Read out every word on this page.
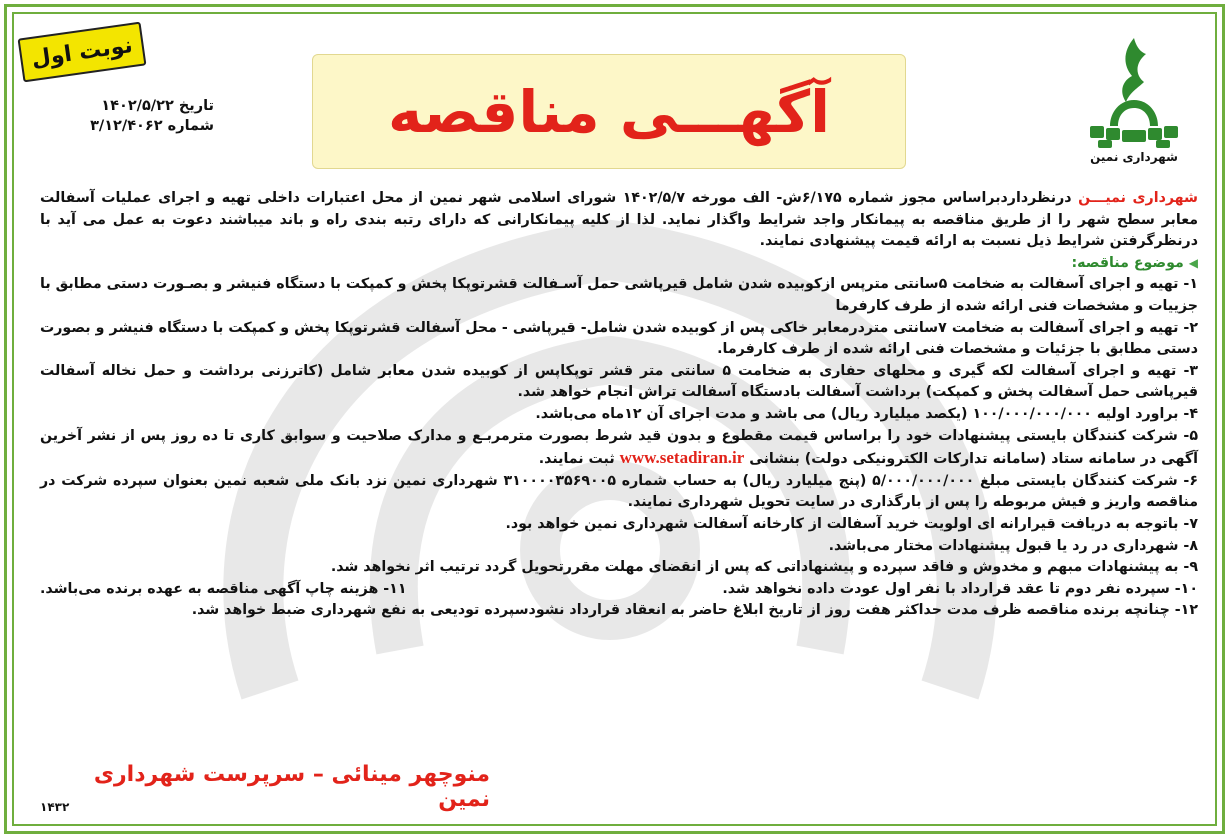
نوبت اول
تاریخ ۱۴۰۲/۵/۲۲
شماره ۳/۱۲/۴۰۶۲	آگهـــی مناقصه
شهرداری نمین

شهرداری نمیـــن درنظرداردبراساس مجوز شماره ۶/۱۷۵ش- الف مورخه ۱۴۰۲/۵/۷ شورای اسلامی شهر نمین از محل اعتبارات داخلی تهیه و اجرای عملیات آسفالت معابر سطح شهر را از طریق مناقصه به پیمانکار واجد شرایط واگذار نماید. لذا از کلیه پیمانکارانی که دارای رتبه بندی راه و باند میباشند دعوت به عمل می آید با درنظرگرفتن شرایط ذیل نسبت به ارائه قیمت پیشنهادی نمایند.

◀ موضوع مناقصه:

۱- تهیه و اجرای آسفالت به ضخامت ۵سانتی مترپس ازکوبیده شدن شامل قیرپاشی حمل آسـفالت قشرتوپکا پخش و کمپکت با دستگاه فنیشر و بصـورت دستی مطابق با جزییات و مشخصات فنی ارائه شده از طرف کارفرما

۲- تهیه و اجرای آسفالت به ضخامت ۷سانتی متردرمعابر خاکی پس از کوبیده شدن شامل- قیرپاشی - محل آسفالت قشرتوپکا پخش و کمپکت با دستگاه فنیشر و بصورت دستی مطابق با جزئیات و مشخصات فنی ارائه شده از طرف کارفرما.

۳- تهیه و اجرای آسفالت لکه گیری و محلهای حفاری به ضخامت ۵ سانتی متر قشر توپکاپس از کوبیده شدن معابر شامل (کاترزنی برداشت و حمل نخاله آسفالت قیرپاشی حمل آسفالت پخش و کمپکت) برداشت آسفالت بادستگاه آسفالت تراش انجام خواهد شد.

۴- براورد اولیه ۱۰۰/۰۰۰/۰۰۰/۰۰۰ (یکصد میلیارد ریال) می باشد و مدت اجرای آن ۱۲ماه می‌باشد.

۵- شرکت کنندگان بایستی پیشنهادات خود را براساس قیمت مقطوع و بدون قید شرط بصورت مترمربـع و مدارک صلاحیت و سوابق کاری تا ده روز پس از نشر آخرین آگهی در سامانه ستاد (سامانه تدارکات الکترونیکی دولت) بنشانی www.setadiran.ir ثبت نمایند.

۶- شرکت کنندگان بایستی مبلغ ۵/۰۰۰/۰۰۰/۰۰۰ (پنج میلیارد ریال) به حساب شماره ۳۱۰۰۰۰۳۵۶۹۰۰۵ شهرداری نمین نزد بانک ملی شعبه نمین بعنوان سپرده شرکت در مناقصه واریز و فیش مربوطه را پس از بارگذاری در سایت تحویل شهرداری نمایند.

۷- باتوجه به دریافت قیرارانه ای اولویت خرید آسفالت از کارخانه آسفالت شهرداری نمین خواهد بود.

۸- شهرداری در رد یا قبول پیشنهادات مختار می‌باشد.

۹- به پیشنهادات مبهم و مخدوش و فاقد سپرده و پیشنهاداتی که پس از انقضای مهلت مقررتحویل گردد ترتیب اثر نخواهد شد.

۱۰- سپرده نفر دوم تا عقد قرارداد با نفر اول عودت داده نخواهد شد.

۱۱- هزینه چاپ آگهی مناقصه به عهده برنده می‌باشد.

۱۲- چنانچه برنده مناقصه ظرف مدت حداکثر هفت روز از تاریخ ابلاغ حاضر به انعقاد قرارداد نشودسپرده تودیعی به نفع شهرداری ضبط خواهد شد.

منوچهر مینائی – سرپرست شهرداری نمین
۱۴۳۲
